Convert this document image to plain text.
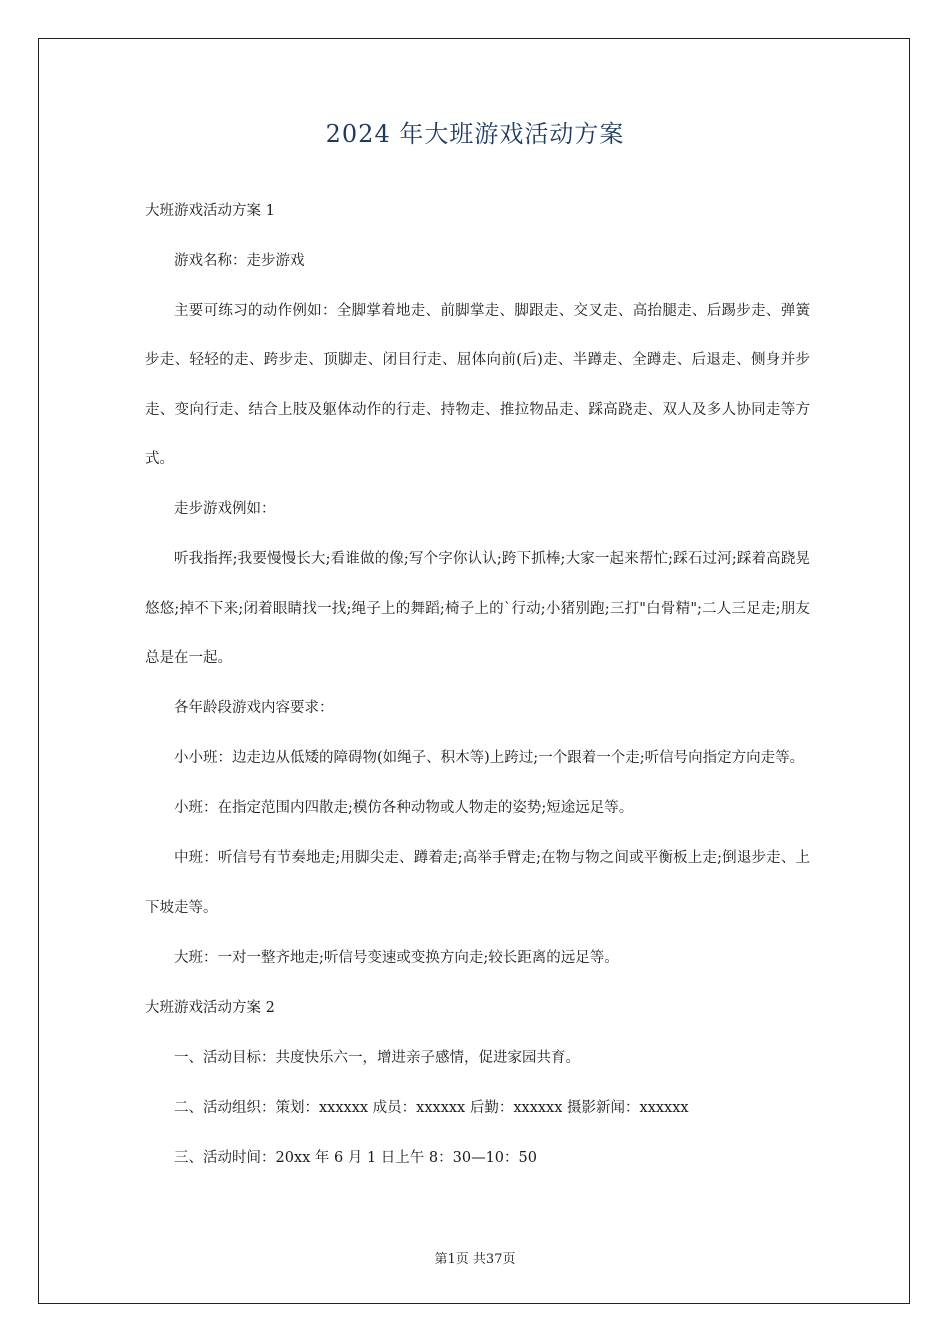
2024 年大班游戏活动方案

大班游戏活动方案 1

游戏名称：走步游戏

主要可练习的动作例如：全脚掌着地走、前脚掌走、脚跟走、交叉走、高抬腿走、后踢步走、弹簧步走、轻轻的走、跨步走、顶脚走、闭目行走、屈体向前(后)走、半蹲走、全蹲走、后退走、侧身并步走、变向行走、结合上肢及躯体动作的行走、持物走、推拉物品走、踩高跷走、双人及多人协同走等方式。

走步游戏例如：

听我指挥;我要慢慢长大;看谁做的像;写个字你认认;跨下抓棒;大家一起来帮忙;踩石过河;踩着高跷晃悠悠;掉不下来;闭着眼睛找一找;绳子上的舞蹈;椅子上的`行动;小猪别跑;三打"白骨精";二人三足走;朋友总是在一起。

各年龄段游戏内容要求：

小小班：边走边从低矮的障碍物(如绳子、积木等)上跨过;一个跟着一个走;听信号向指定方向走等。

小班：在指定范围内四散走;模仿各种动物或人物走的姿势;短途远足等。

中班：听信号有节奏地走;用脚尖走、蹲着走;高举手臂走;在物与物之间或平衡板上走;倒退步走、上下坡走等。

大班：一对一整齐地走;听信号变速或变换方向走;较长距离的远足等。

大班游戏活动方案 2

一、活动目标：共度快乐六一，增进亲子感情，促进家园共育。

二、活动组织：策划：xxxxxx 成员：xxxxxx 后勤：xxxxxx 摄影新闻：xxxxxx

三、活动时间：20xx 年 6 月 1 日上午 8：30—10：50

第1页 共37页
